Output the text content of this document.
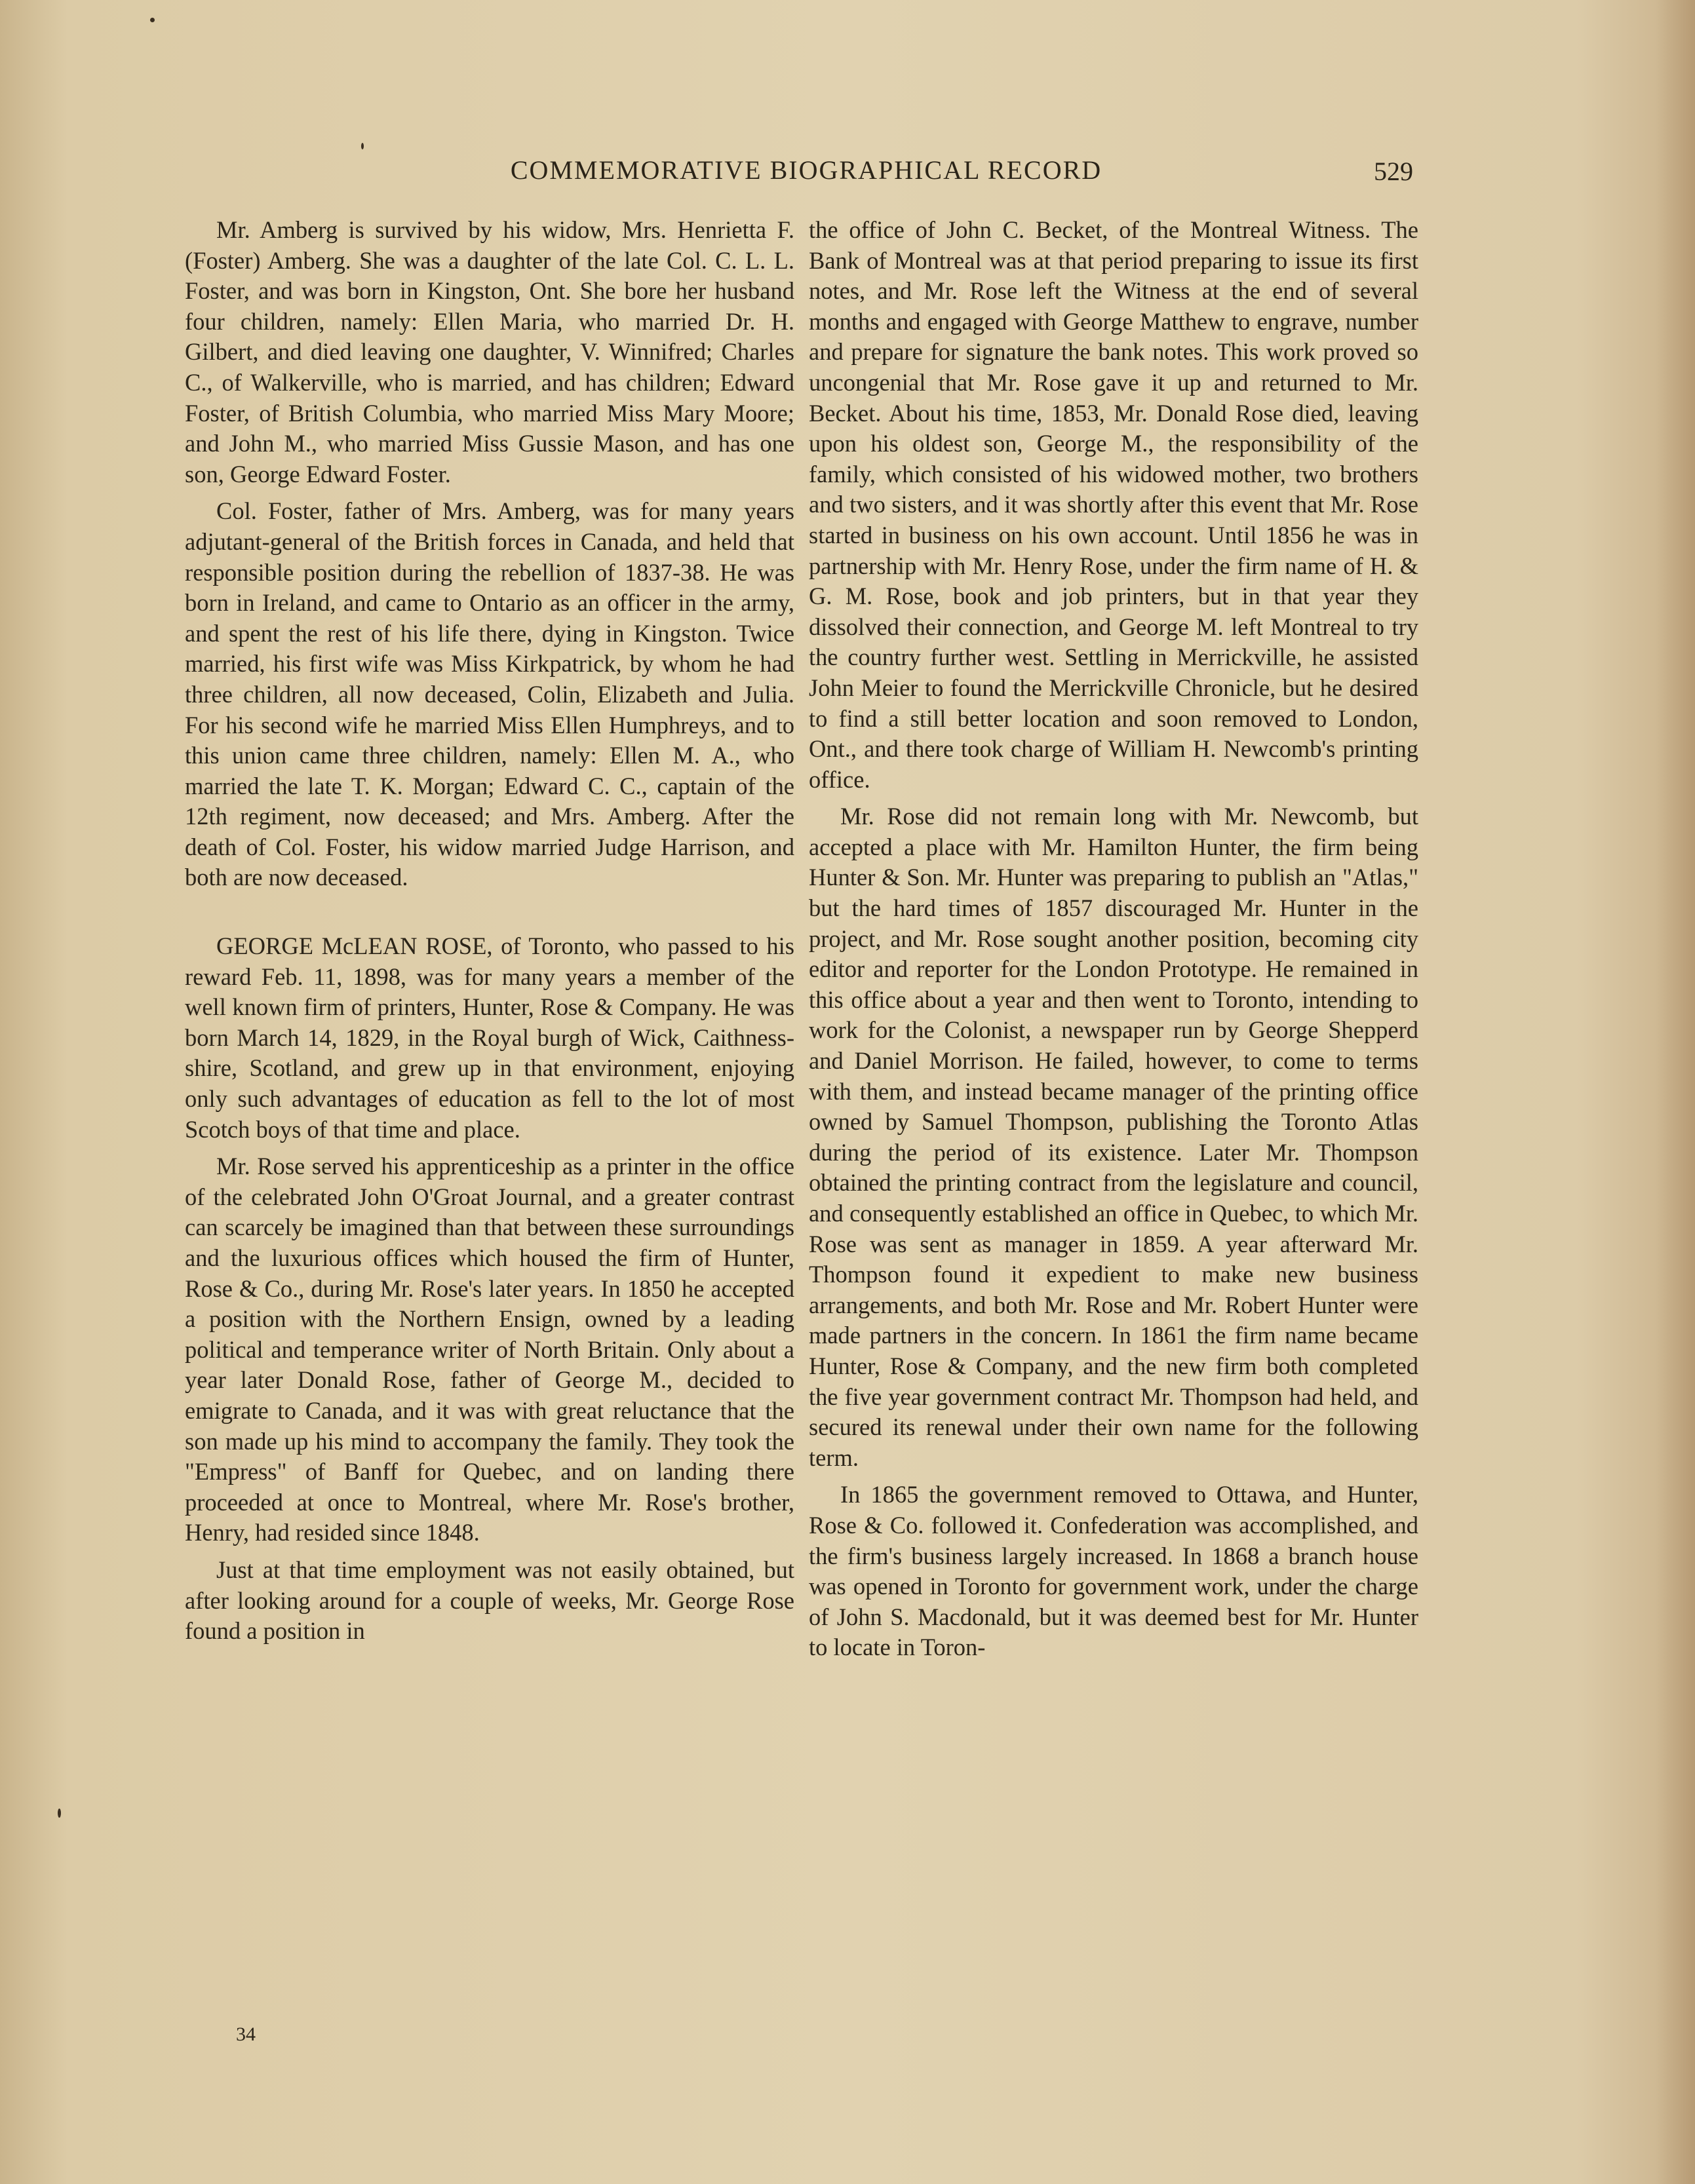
COMMEMORATIVE BIOGRAPHICAL RECORD	529

Mr. Amberg is survived by his widow, Mrs. Henrietta F. (Foster) Amberg. She was a daughter of the late Col. C. L. L. Foster, and was born in Kingston, Ont. She bore her husband four children, namely: Ellen Maria, who married Dr. H. Gilbert, and died leaving one daughter, V. Winnifred; Charles C., of Walkerville, who is married, and has children; Edward Foster, of British Columbia, who married Miss Mary Moore; and John M., who married Miss Gussie Mason, and has one son, George Edward Foster.

Col. Foster, father of Mrs. Amberg, was for many years adjutant-general of the British forces in Canada, and held that responsible position during the rebellion of 1837-38. He was born in Ireland, and came to Ontario as an officer in the army, and spent the rest of his life there, dying in Kingston. Twice married, his first wife was Miss Kirkpatrick, by whom he had three children, all now deceased, Colin, Elizabeth and Julia. For his second wife he married Miss Ellen Humphreys, and to this union came three children, namely: Ellen M. A., who married the late T. K. Morgan; Edward C. C., captain of the 12th regiment, now deceased; and Mrs. Amberg. After the death of Col. Foster, his widow married Judge Harrison, and both are now deceased.

GEORGE McLEAN ROSE, of Toronto, who passed to his reward Feb. 11, 1898, was for many years a member of the well known firm of printers, Hunter, Rose & Company. He was born March 14, 1829, in the Royal burgh of Wick, Caithness-shire, Scotland, and grew up in that environment, enjoying only such advantages of education as fell to the lot of most Scotch boys of that time and place.

Mr. Rose served his apprenticeship as a printer in the office of the celebrated John O'Groat Journal, and a greater contrast can scarcely be imagined than that between these surroundings and the luxurious offices which housed the firm of Hunter, Rose & Co., during Mr. Rose's later years. In 1850 he accepted a position with the Northern Ensign, owned by a leading political and temperance writer of North Britain. Only about a year later Donald Rose, father of George M., decided to emigrate to Canada, and it was with great reluctance that the son made up his mind to accompany the family. They took the "Empress" of Banff for Quebec, and on landing there proceeded at once to Montreal, where Mr. Rose's brother, Henry, had resided since 1848.

Just at that time employment was not easily obtained, but after looking around for a couple of weeks, Mr. George Rose found a position in

the office of John C. Becket, of the Montreal Witness. The Bank of Montreal was at that period preparing to issue its first notes, and Mr. Rose left the Witness at the end of several months and engaged with George Matthew to engrave, number and prepare for signature the bank notes. This work proved so uncongenial that Mr. Rose gave it up and returned to Mr. Becket. About his time, 1853, Mr. Donald Rose died, leaving upon his oldest son, George M., the responsibility of the family, which consisted of his widowed mother, two brothers and two sisters, and it was shortly after this event that Mr. Rose started in business on his own account. Until 1856 he was in partnership with Mr. Henry Rose, under the firm name of H. & G. M. Rose, book and job printers, but in that year they dissolved their connection, and George M. left Montreal to try the country further west. Settling in Merrickville, he assisted John Meier to found the Merrickville Chronicle, but he desired to find a still better location and soon removed to London, Ont., and there took charge of William H. Newcomb's printing office.

Mr. Rose did not remain long with Mr. Newcomb, but accepted a place with Mr. Hamilton Hunter, the firm being Hunter & Son. Mr. Hunter was preparing to publish an "Atlas," but the hard times of 1857 discouraged Mr. Hunter in the project, and Mr. Rose sought another position, becoming city editor and reporter for the London Prototype. He remained in this office about a year and then went to Toronto, intending to work for the Colonist, a newspaper run by George Shepperd and Daniel Morrison. He failed, however, to come to terms with them, and instead became manager of the printing office owned by Samuel Thompson, publishing the Toronto Atlas during the period of its existence. Later Mr. Thompson obtained the printing contract from the legislature and council, and consequently established an office in Quebec, to which Mr. Rose was sent as manager in 1859. A year afterward Mr. Thompson found it expedient to make new business arrangements, and both Mr. Rose and Mr. Robert Hunter were made partners in the concern. In 1861 the firm name became Hunter, Rose & Company, and the new firm both completed the five year government contract Mr. Thompson had held, and secured its renewal under their own name for the following term.

In 1865 the government removed to Ottawa, and Hunter, Rose & Co. followed it. Confederation was accomplished, and the firm's business largely increased. In 1868 a branch house was opened in Toronto for government work, under the charge of John S. Macdonald, but it was deemed best for Mr. Hunter to locate in Toron-

34
